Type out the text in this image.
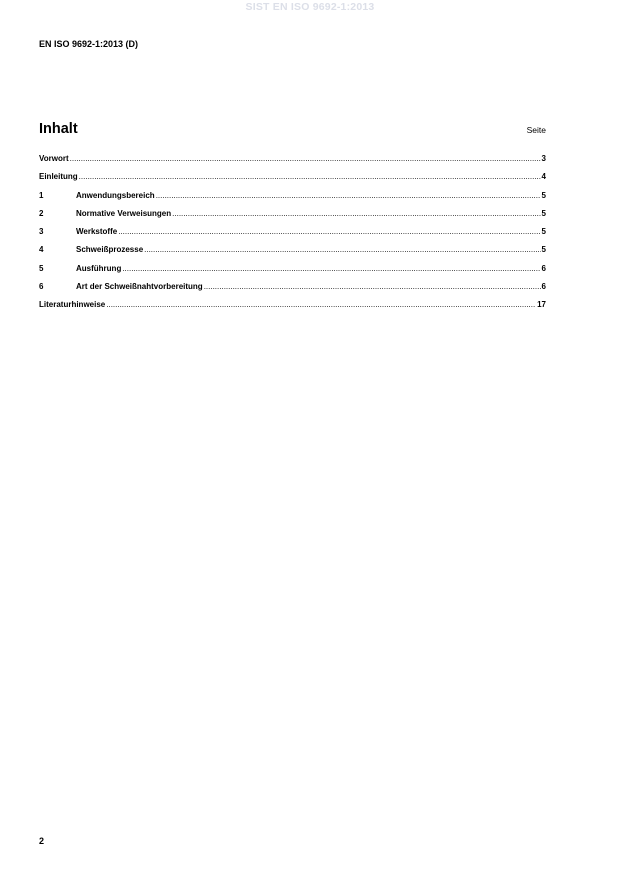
SIST EN ISO 9692-1:2013
EN ISO 9692-1:2013 (D)
Inhalt	Seite
Vorwort .....	3
Einleitung .....	4
1	Anwendungsbereich .....	5
2	Normative Verweisungen .....	5
3	Werkstoffe .....	5
4	Schweißprozesse .....	5
5	Ausführung .....	6
6	Art der Schweißnahtvorbereitung .....	6
Literaturhinweise .....	17
2
